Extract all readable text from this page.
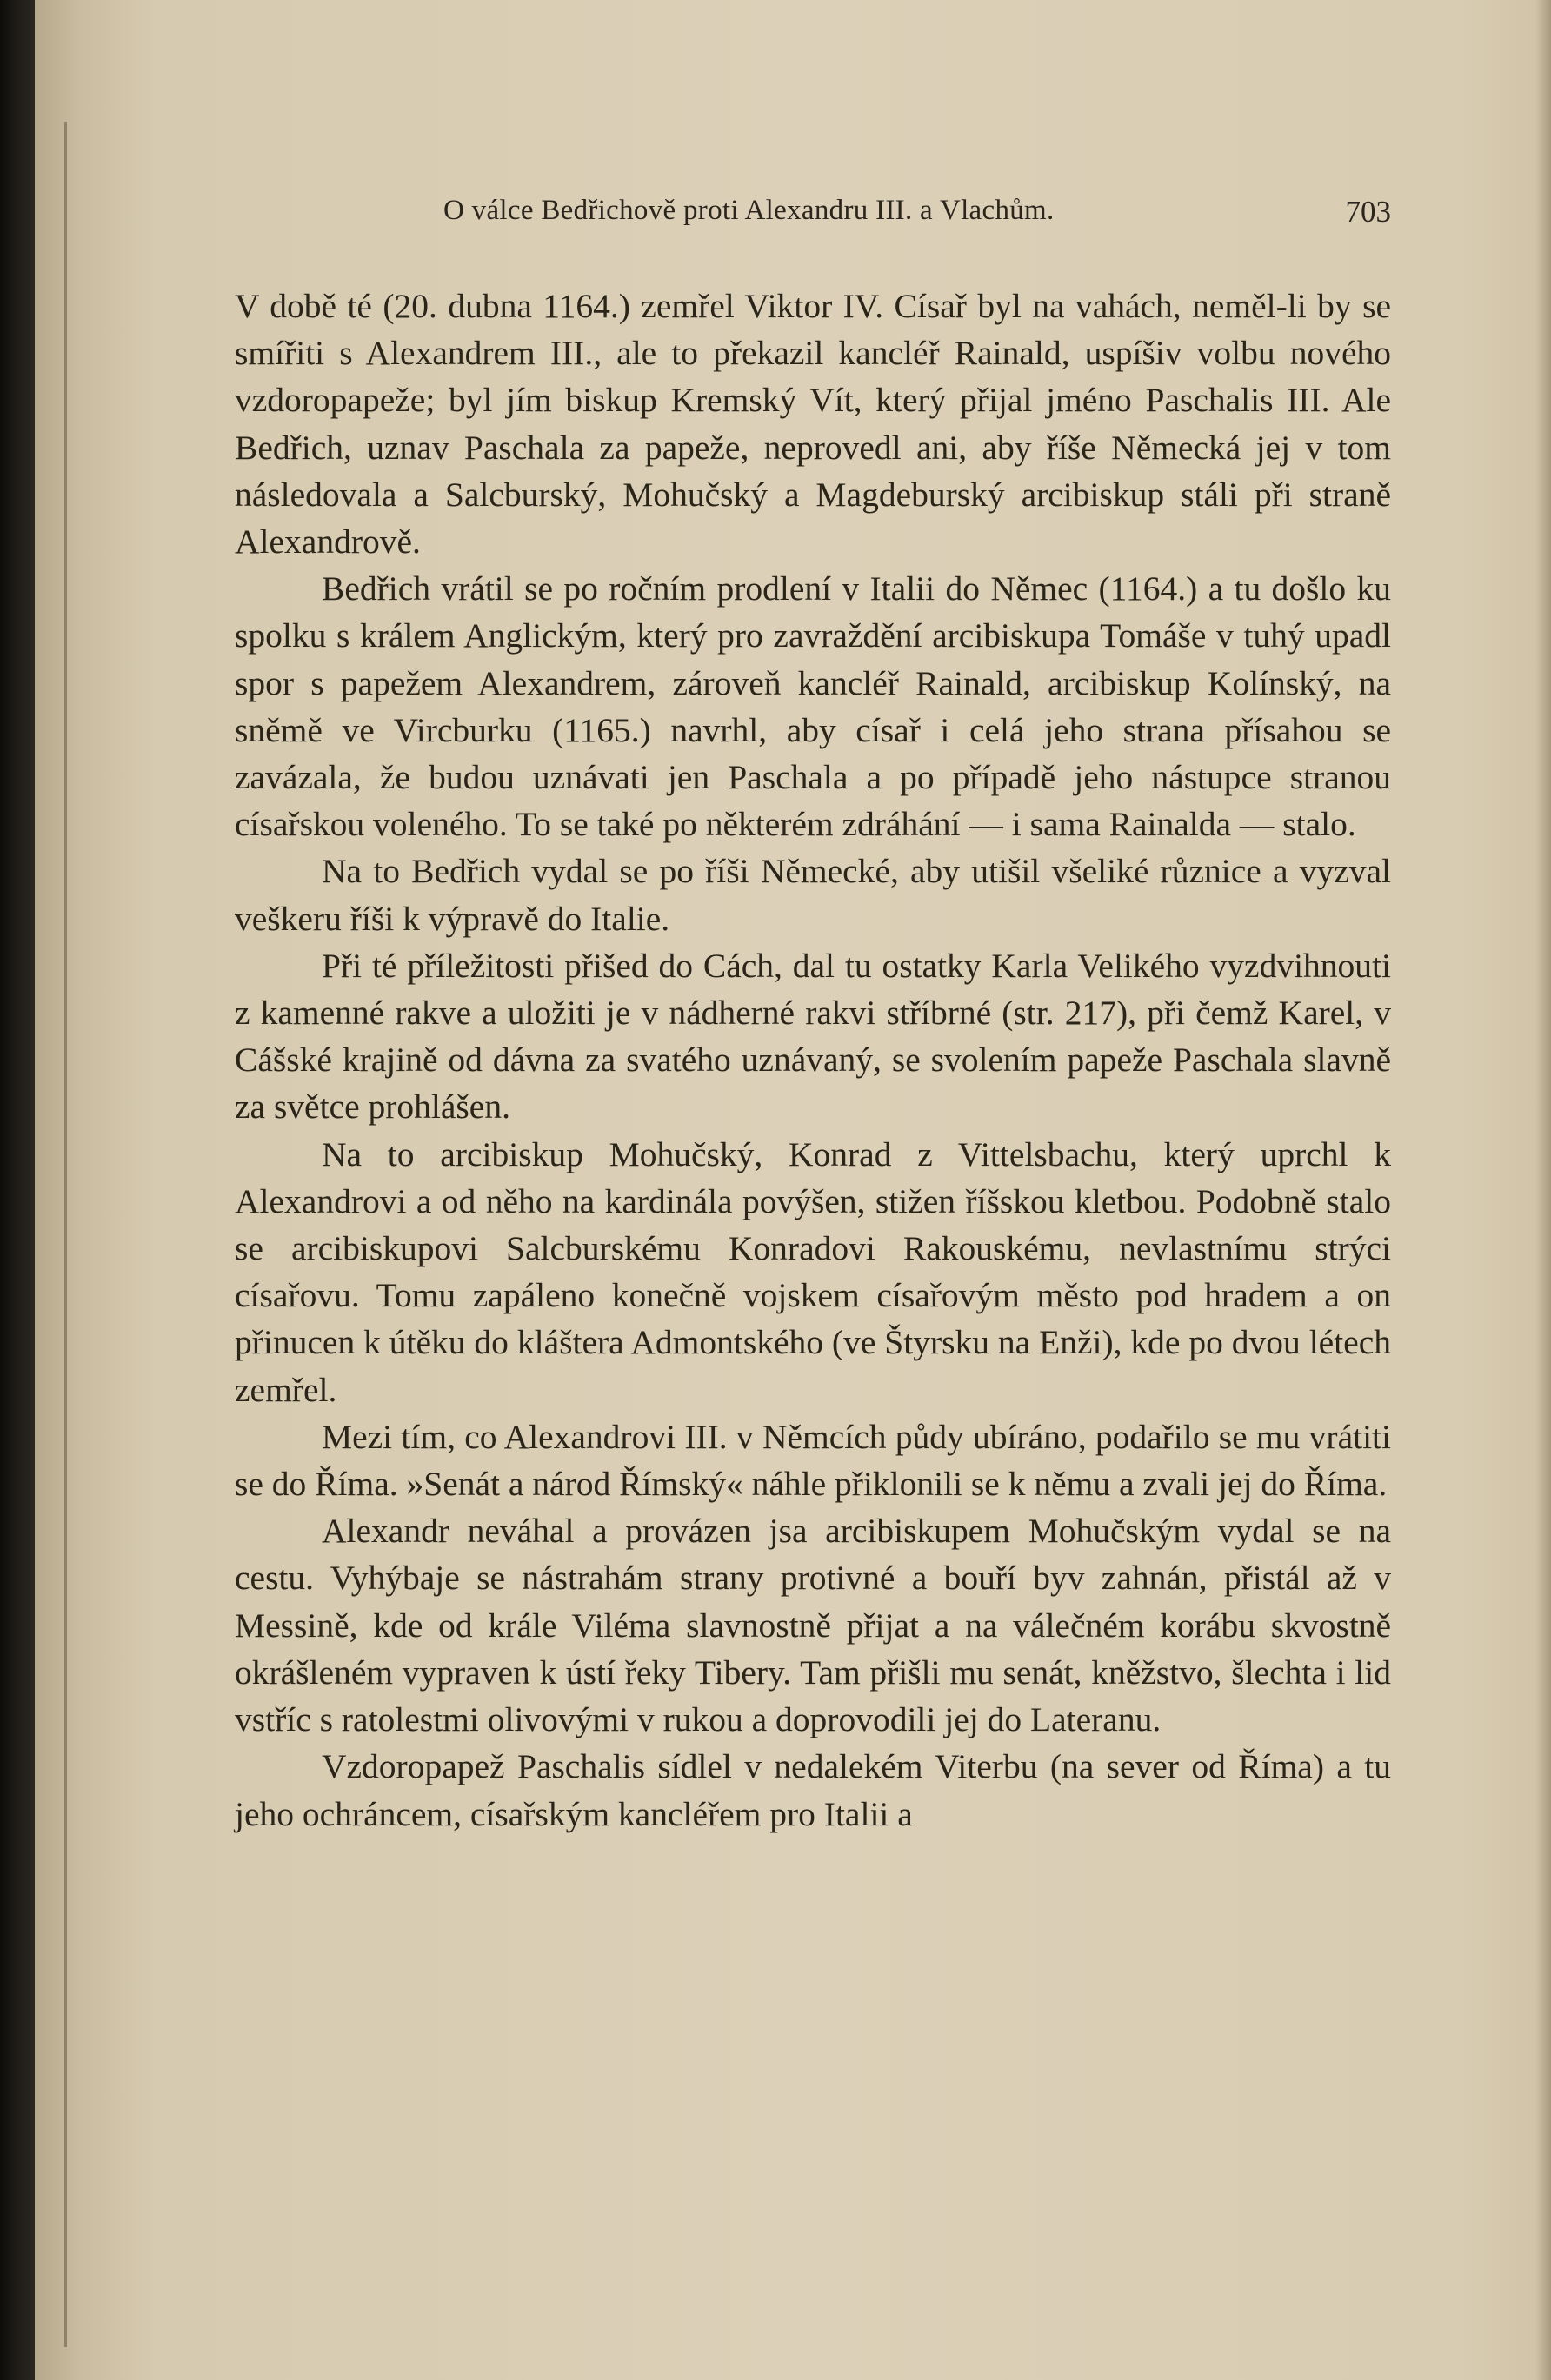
O válce Bedřichově proti Alexandru III. a Vlachům.	703

V době té (20. dubna 1164.) zemřel Viktor IV. Císař byl na vahách, neměl-li by se smířiti s Alexandrem III., ale to překazil kancléř Rainald, uspíšiv volbu nového vzdoropapeže; byl jím biskup Kremský Vít, který přijal jméno Paschalis III. Ale Bedřich, uznav Paschala za papeže, neprovedl ani, aby říše Německá jej v tom následovala a Salcburský, Mohučský a Magdeburský arcibiskup stáli při straně Alexandrově.

Bedřich vrátil se po ročním prodlení v Italii do Němec (1164.) a tu došlo ku spolku s králem Anglickým, který pro zavraždění arcibiskupa Tomáše v tuhý upadl spor s papežem Alexandrem, zároveň kancléř Rainald, arcibiskup Kolínský, na sněmě ve Vircburku (1165.) navrhl, aby císař i celá jeho strana přísahou se zavázala, že budou uznávati jen Paschala a po případě jeho nástupce stranou císařskou voleného. To se také po některém zdráhání — i sama Rainalda — stalo.

Na to Bedřich vydal se po říši Německé, aby utišil všeliké různice a vyzval veškeru říši k výpravě do Italie.

Při té příležitosti přišed do Cách, dal tu ostatky Karla Velikého vyzdvihnouti z kamenné rakve a uložiti je v nádherné rakvi stříbrné (str. 217), při čemž Karel, v Cášské krajině od dávna za svatého uznávaný, se svolením papeže Paschala slavně za světce prohlášen.

Na to arcibiskup Mohučský, Konrad z Vittelsbachu, který uprchl k Alexandrovi a od něho na kardinála povýšen, stižen říšskou kletbou. Podobně stalo se arcibiskupovi Salcburskému Konradovi Rakouskému, nevlastnímu strýci císařovu. Tomu zapáleno konečně vojskem císařovým město pod hradem a on přinucen k útěku do kláštera Admontského (ve Štyrsku na Enži), kde po dvou létech zemřel.

Mezi tím, co Alexandrovi III. v Němcích půdy ubíráno, podařilo se mu vrátiti se do Říma. »Senát a národ Římský« náhle přiklonili se k němu a zvali jej do Říma.

Alexandr neváhal a provázen jsa arcibiskupem Mohučským vydal se na cestu. Vyhýbaje se nástrahám strany protivné a bouří byv zahnán, přistál až v Messině, kde od krále Viléma slavnostně přijat a na válečném korábu skvostně okrášleném vypraven k ústí řeky Tibery. Tam přišli mu senát, kněžstvo, šlechta i lid vstříc s ratolestmi olivovými v rukou a doprovodili jej do Lateranu.

Vzdoropapež Paschalis sídlel v nedalekém Viterbu (na sever od Říma) a tu jeho ochráncem, císařským kancléřem pro Italii a
